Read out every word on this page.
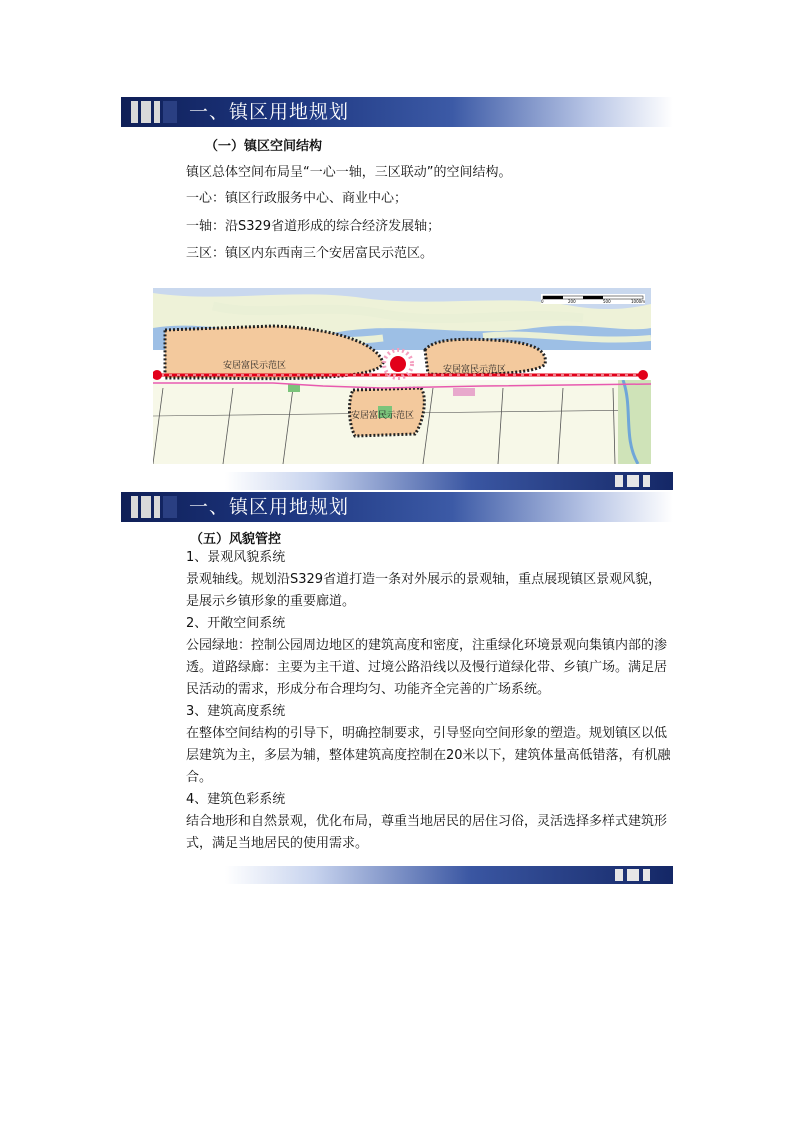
一、镇区用地规划
（一）镇区空间结构
镇区总体空间布局呈“一心一轴，三区联动”的空间结构。
一心：镇区行政服务中心、商业中心；
一轴：沿S329省道形成的综合经济发展轴；
三区：镇区内东西南三个安居富民示范区。
0	200	500	1000m
安居富民示范区	安居富民示范区
安居富民示范区
一、镇区用地规划
（五）风貌管控
1、景观风貌系统
景观轴线。规划沿S329省道打造一条对外展示的景观轴，重点展现镇区景观风貌，是展示乡镇形象的重要廊道。
2、开敞空间系统
公园绿地：控制公园周边地区的建筑高度和密度，注重绿化环境景观向集镇内部的渗透。道路绿廊：主要为主干道、过境公路沿线以及慢行道绿化带、乡镇广场。满足居民活动的需求，形成分布合理均匀、功能齐全完善的广场系统。
3、建筑高度系统
在整体空间结构的引导下，明确控制要求，引导竖向空间形象的塑造。规划镇区以低层建筑为主，多层为辅，整体建筑高度控制在20米以下，建筑体量高低错落，有机融合。
4、建筑色彩系统
结合地形和自然景观，优化布局，尊重当地居民的居住习俗，灵活选择多样式建筑形式，满足当地居民的使用需求。
